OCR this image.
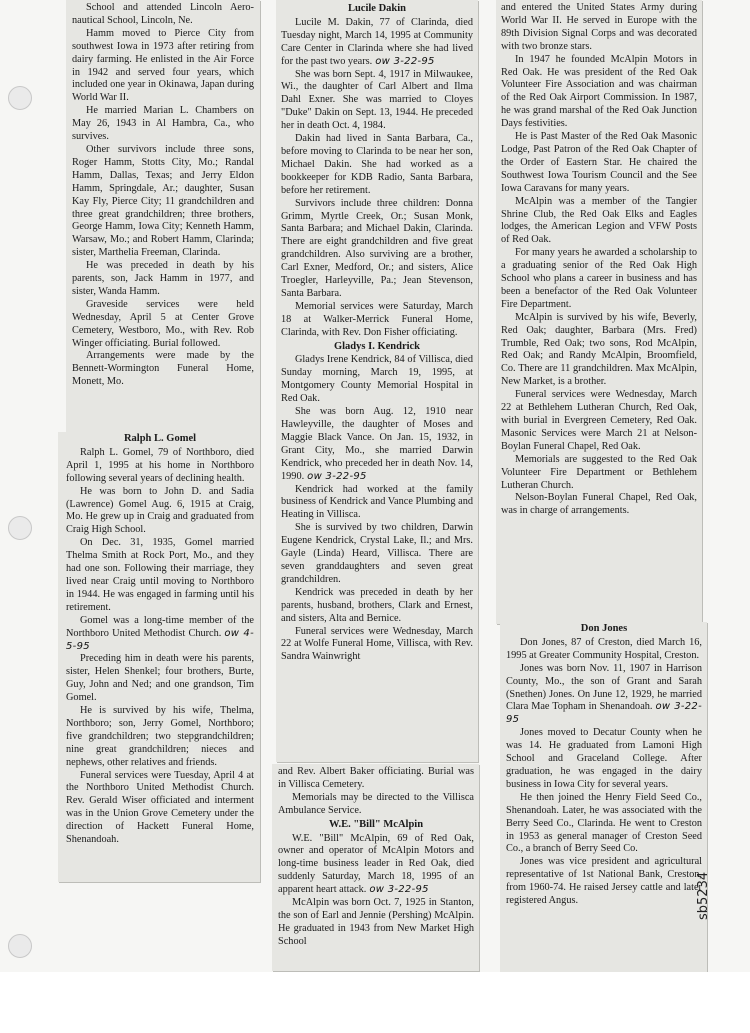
School and attended Lincoln Aero-nautical School, Lincoln, Ne.

Hamm moved to Pierce City from southwest Iowa in 1973 after retiring from dairy farming. He enlisted in the Air Force in 1942 and served four years, which included one year in Okinawa, Japan during World War II.

He married Marian L. Chambers on May 26, 1943 in Al Hambra, Ca., who survives.

Other survivors include three sons, Roger Hamm, Stotts City, Mo.; Randal Hamm, Dallas, Texas; and Jerry Eldon Hamm, Springdale, Ar.; daughter, Susan Kay Fly, Pierce City; 11 grandchildren and three great grandchildren; three brothers, George Hamm, Iowa City; Kenneth Hamm, Warsaw, Mo.; and Robert Hamm, Clarinda; sister, Marthelia Freeman, Clarinda.

He was preceded in death by his parents, son, Jack Hamm in 1977, and sister, Wanda Hamm.

Graveside services were held Wednesday, April 5 at Center Grove Cemetery, Westboro, Mo., with Rev. Rob Winger officiating. Burial followed.

Arrangements were made by the Bennett-Wormington Funeral Home, Monett, Mo.

Ralph L. Gomel

Ralph L. Gomel, 79 of Northboro, died April 1, 1995 at his home in Northboro following several years of declining health.

He was born to John D. and Sadia (Lawrence) Gomel Aug. 6, 1915 at Craig, Mo. He grew up in Craig and graduated from Craig High School.

On Dec. 31, 1935, Gomel married Thelma Smith at Rock Port, Mo., and they had one son. Following their marriage, they lived near Craig until moving to Northboro in 1944. He was engaged in farming until his retirement.

Gomel was a long-time member of the Northboro United Methodist Church. ow 4-5-95

Preceding him in death were his parents, sister, Helen Shenkel; four brothers, Burte, Guy, John and Ned; and one grandson, Tim Gomel.

He is survived by his wife, Thelma, Northboro; son, Jerry Gomel, Northboro; five grandchildren; two stepgrandchildren; nine great grandchildren; nieces and nephews, other relatives and friends.

Funeral services were Tuesday, April 4 at the Northboro United Methodist Church. Rev. Gerald Wiser officiated and interment was in the Union Grove Cemetery under the direction of Hackett Funeral Home, Shenandoah.

Lucile Dakin

Lucile M. Dakin, 77 of Clarinda, died Tuesday night, March 14, 1995 at Community Care Center in Clarinda where she had lived for the past two years. ow 3-22-95

She was born Sept. 4, 1917 in Milwaukee, Wi., the daughter of Carl Albert and Ilma Dahl Exner. She was married to Cloyes "Duke" Dakin on Sept. 13, 1944. He preceded her in death Oct. 4, 1984.

Dakin had lived in Santa Barbara, Ca., before moving to Clarinda to be near her son, Michael Dakin. She had worked as a bookkeeper for KDB Radio, Santa Barbara, before her retirement.

Survivors include three children: Donna Grimm, Myrtle Creek, Or.; Susan Monk, Santa Barbara; and Michael Dakin, Clarinda. There are eight grandchildren and five great grandchildren. Also surviving are a brother, Carl Exner, Medford, Or.; and sisters, Alice Troegler, Harleyville, Pa.; Jean Stevenson, Santa Barbara.

Memorial services were Saturday, March 18 at Walker-Merrick Funeral Home, Clarinda, with Rev. Don Fisher officiating.

Gladys I. Kendrick

Gladys Irene Kendrick, 84 of Villisca, died Sunday morning, March 19, 1995, at Montgomery County Memorial Hospital in Red Oak.

She was born Aug. 12, 1910 near Hawleyville, the daughter of Moses and Maggie Black Vance. On Jan. 15, 1932, in Grant City, Mo., she married Darwin Kendrick, who preceded her in death Nov. 14, 1990. ow 3-22-95

Kendrick had worked at the family business of Kendrick and Vance Plumbing and Heating in Villisca.

She is survived by two children, Darwin Eugene Kendrick, Crystal Lake, Il.; and Mrs. Gayle (Linda) Heard, Villisca. There are seven granddaughters and seven great grandchildren.

Kendrick was preceded in death by her parents, husband, brothers, Clark and Ernest, and sisters, Alta and Bernice.

Funeral services were Wednesday, March 22 at Wolfe Funeral Home, Villisca, with Rev. Sandra Wainwright

and Rev. Albert Baker officiating. Burial was in Villisca Cemetery.

Memorials may be directed to the Villisca Ambulance Service.

W.E. "Bill" McAlpin

W.E. "Bill" McAlpin, 69 of Red Oak, owner and operator of McAlpin Motors and long-time business leader in Red Oak, died suddenly Saturday, March 18, 1995 of an apparent heart attack. ow 3-22-95

McAlpin was born Oct. 7, 1925 in Stanton, the son of Earl and Jennie (Pershing) McAlpin. He graduated in 1943 from New Market High School

and entered the United States Army during World War II. He served in Europe with the 89th Division Signal Corps and was decorated with two bronze stars.

In 1947 he founded McAlpin Motors in Red Oak. He was president of the Red Oak Volunteer Fire Association and was chairman of the Red Oak Airport Commission. In 1987, he was grand marshal of the Red Oak Junction Days festivities.

He is Past Master of the Red Oak Masonic Lodge, Past Patron of the Red Oak Chapter of the Order of Eastern Star. He chaired the Southwest Iowa Tourism Council and the See Iowa Caravans for many years.

McAlpin was a member of the Tangier Shrine Club, the Red Oak Elks and Eagles lodges, the American Legion and VFW Posts of Red Oak.

For many years he awarded a scholarship to a graduating senior of the Red Oak High School who plans a career in business and has been a benefactor of the Red Oak Volunteer Fire Department.

McAlpin is survived by his wife, Beverly, Red Oak; daughter, Barbara (Mrs. Fred) Trumble, Red Oak; two sons, Rod McAlpin, Red Oak; and Randy McAlpin, Broomfield, Co. There are 11 grandchildren. Max McAlpin, New Market, is a brother.

Funeral services were Wednesday, March 22 at Bethlehem Lutheran Church, Red Oak, with burial in Evergreen Cemetery, Red Oak. Masonic Services were March 21 at Nelson-Boylan Funeral Chapel, Red Oak.

Memorials are suggested to the Red Oak Volunteer Fire Department or Bethlehem Lutheran Church.

Nelson-Boylan Funeral Chapel, Red Oak, was in charge of arrangements.

Don Jones

Don Jones, 87 of Creston, died March 16, 1995 at Greater Community Hospital, Creston.

Jones was born Nov. 11, 1907 in Harrison County, Mo., the son of Grant and Sarah (Snethen) Jones. On June 12, 1929, he married Clara Mae Topham in Shenandoah. ow 3-22-95

Jones moved to Decatur County when he was 14. He graduated from Lamoni High School and Graceland College. After graduation, he was engaged in the dairy business in Iowa City for several years.

He then joined the Henry Field Seed Co., Shenandoah. Later, he was associated with the Berry Seed Co., Clarinda. He went to Creston in 1953 as general manager of Creston Seed Co., a branch of Berry Seed Co.

Jones was vice president and agricultural representative of 1st National Bank, Creston, from 1960-74. He raised Jersey cattle and later registered Angus.	sb5234
